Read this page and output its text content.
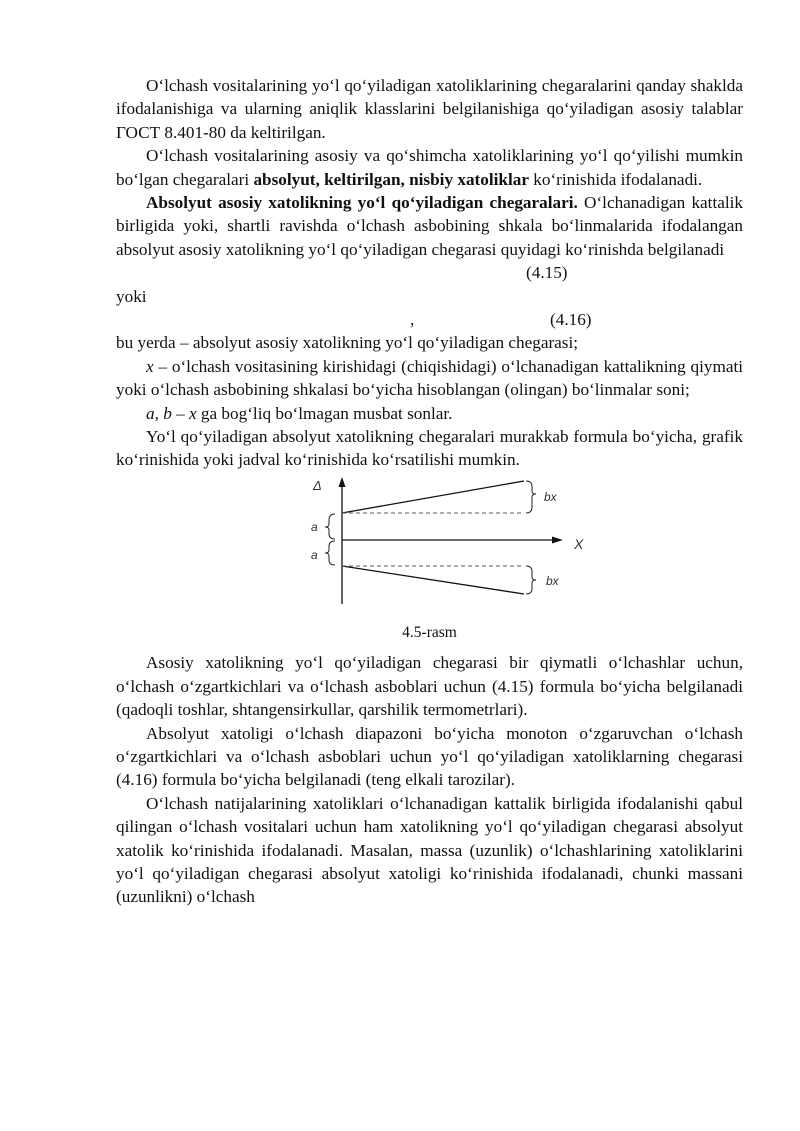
O‘lchash vositalarining yo‘l qo‘yiladigan xatoliklarining chegaralarini qanday shaklda ifodalanishiga va ularning aniqlik klasslarini belgilanishiga qo‘yiladigan asosiy talablar ГОСТ 8.401-80 da keltirilgan.

O‘lchash vositalarining asosiy va qo‘shimcha xatoliklarining yo‘l qo‘yilishi mumkin bo‘lgan chegaralari absolyut, keltirilgan, nisbiy xatoliklar ko‘rinishida ifodalanadi.

Absolyut asosiy xatolikning yo‘l qo‘yiladigan chegaralari. O‘lchanadigan kattalik birligida yoki, shartli ravishda o‘lchash asbobining shkala bo‘linmalarida ifodalangan absolyut asosiy xatolikning yo‘l qo‘yiladigan chegarasi quyidagi ko‘rinishda belgilanadi

(4.15)

yoki

,	(4.16)

bu yerda – absolyut asosiy xatolikning yo‘l qo‘yiladigan chegarasi;

x – o‘lchash vositasining kirishidagi (chiqishidagi) o‘lchanadigan kattalikning qiymati yoki o‘lchash asbobining shkalasi bo‘yicha hisoblangan (olingan) bo‘linmalar soni;

a, b – x ga bog‘liq bo‘lmagan musbat sonlar.

Yo‘l qo‘yiladigan absolyut xatolikning chegaralari murakkab formula bo‘yicha, grafik ko‘rinishida yoki jadval ko‘rinishida ko‘rsatilishi mumkin.

Δ
X
a
a
bx
bx
4.5-rasm

Asosiy xatolikning yo‘l qo‘yiladigan chegarasi bir qiymatli o‘lchashlar uchun, o‘lchash o‘zgartkichlari va o‘lchash asboblari uchun (4.15) formula bo‘yicha belgilanadi (qadoqli toshlar, shtangensirkullar, qarshilik termometrlari).

Absolyut xatoligi o‘lchash diapazoni bo‘yicha monoton o‘zgaruvchan o‘lchash o‘zgartkichlari va o‘lchash asboblari uchun yo‘l qo‘yiladigan xatoliklarning chegarasi (4.16) formula bo‘yicha belgilanadi (teng elkali tarozilar).

O‘lchash natijalarining xatoliklari o‘lchanadigan kattalik birligida ifodalanishi qabul qilingan o‘lchash vositalari uchun ham xatolikning yo‘l qo‘yiladigan chegarasi absolyut xatolik ko‘rinishida ifodalanadi. Masalan, massa (uzunlik) o‘lchashlarining xatoliklarini yo‘l qo‘yiladigan chegarasi absolyut xatoligi ko‘rinishida ifodalanadi, chunki massani (uzunlikni) o‘lchash
